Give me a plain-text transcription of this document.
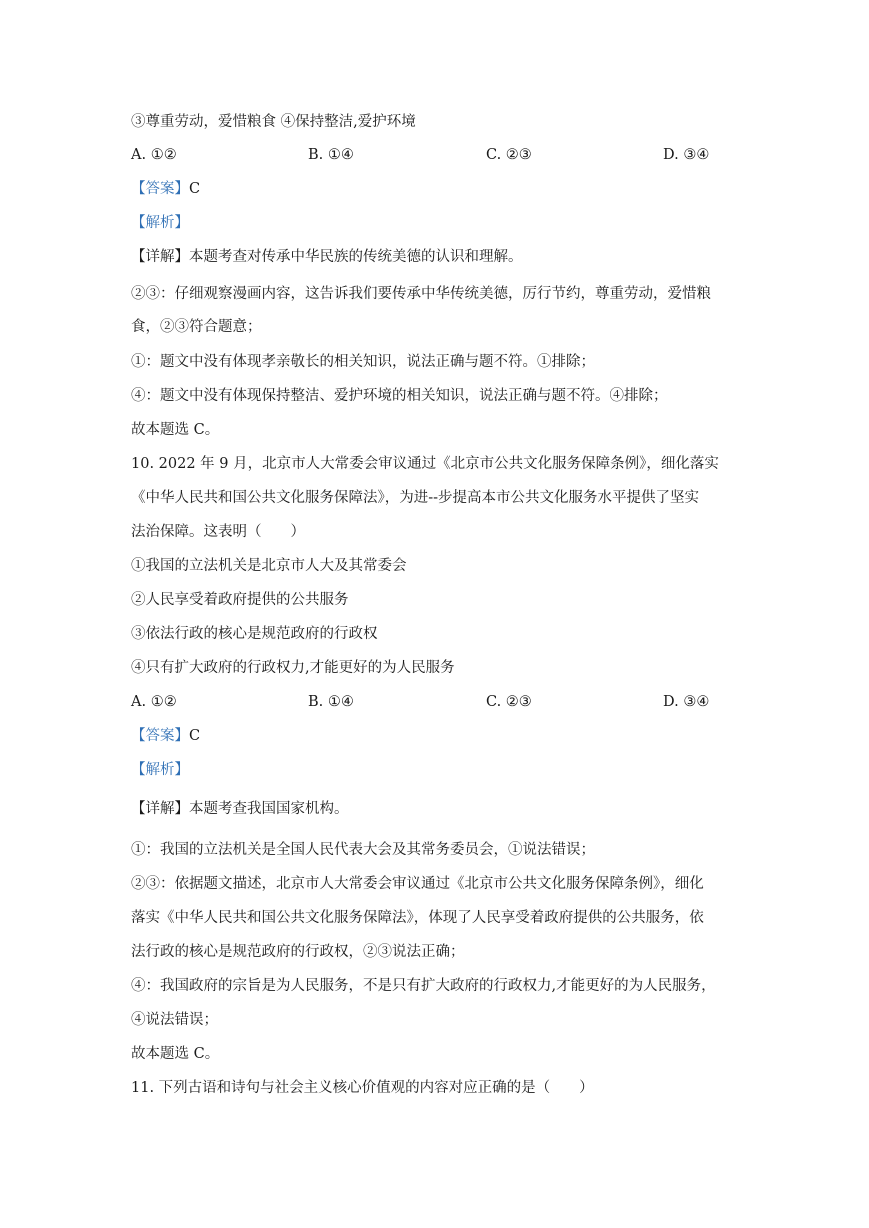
③尊重劳动，爱惜粮食 ④保持整洁,爱护环境
A. ①②	B. ①④	C. ②③	D. ③④
【答案】C
【解析】
【详解】本题考查对传承中华民族的传统美德的认识和理解。
②③：仔细观察漫画内容，这告诉我们要传承中华传统美德，厉行节约，尊重劳动，爱惜粮
食，②③符合题意；
①：题文中没有体现孝亲敬长的相关知识，说法正确与题不符。①排除；
④：题文中没有体现保持整洁、爱护环境的相关知识，说法正确与题不符。④排除；
故本题选 C。
10. 2022 年 9 月，北京市人大常委会审议通过《北京市公共文化服务保障条例》，细化落实
《中华人民共和国公共文化服务保障法》，为进--步提高本市公共文化服务水平提供了坚实
法治保障。这表明（　　）
①我国的立法机关是北京市人大及其常委会
②人民享受着政府提供的公共服务
③依法行政的核心是规范政府的行政权
④只有扩大政府的行政权力,才能更好的为人民服务
A. ①②	B. ①④	C. ②③	D. ③④
【答案】C
【解析】
【详解】本题考查我国国家机构。
①：我国的立法机关是全国人民代表大会及其常务委员会，①说法错误；
②③：依据题文描述，北京市人大常委会审议通过《北京市公共文化服务保障条例》，细化
落实《中华人民共和国公共文化服务保障法》，体现了人民享受着政府提供的公共服务，依
法行政的核心是规范政府的行政权，②③说法正确；
④：我国政府的宗旨是为人民服务，不是只有扩大政府的行政权力,才能更好的为人民服务，
④说法错误；
故本题选 C。
11. 下列古语和诗句与社会主义核心价值观的内容对应正确的是（　　）
